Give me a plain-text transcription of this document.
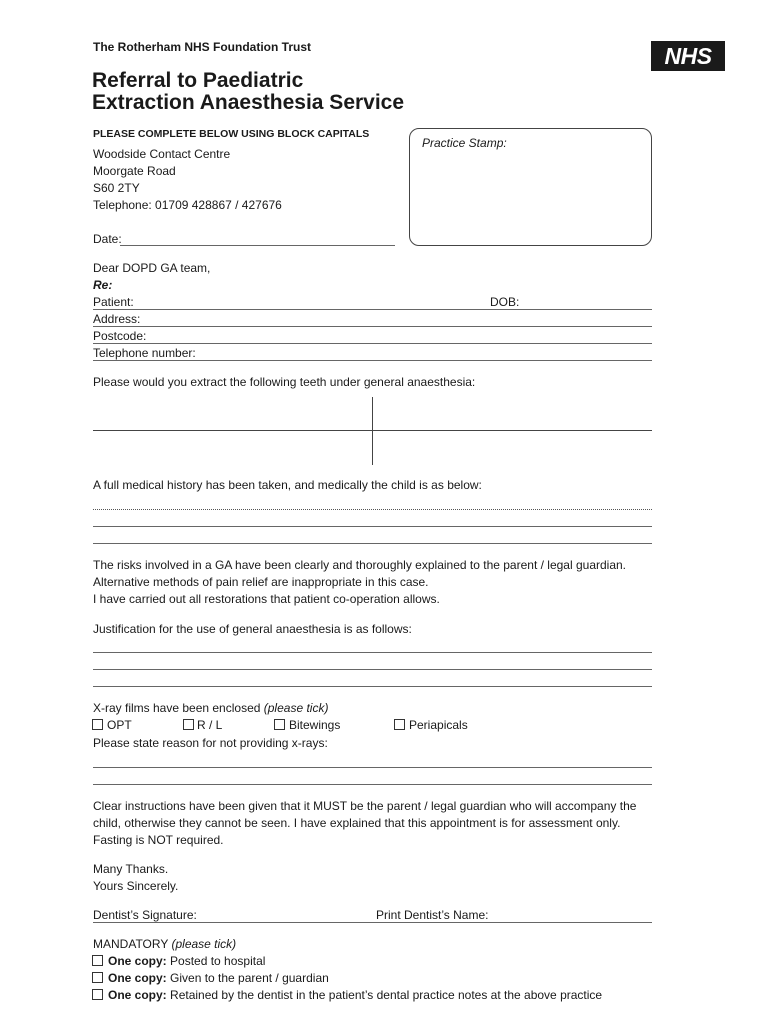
The Rotherham NHS Foundation Trust	NHS
Referral to Paediatric
Extraction Anaesthesia Service
PLEASE COMPLETE BELOW USING BLOCK CAPITALS
Woodside Contact Centre
Moorgate Road
S60 2TY
Telephone: 01709 428867 / 427676
Practice Stamp:
Date:
Dear DOPD GA team,
Re:
Patient:	DOB:
Address:
Postcode:
Telephone number:
Please would you extract the following teeth under general anaesthesia:
A full medical history has been taken, and medically the child is as below:
The risks involved in a GA have been clearly and thoroughly explained to the parent / legal guardian.
Alternative methods of pain relief are inappropriate in this case.
I have carried out all restorations that patient co-operation allows.
Justification for the use of general anaesthesia is as follows:
X-ray films have been enclosed (please tick)
OPT	R / L	Bitewings	Periapicals
Please state reason for not providing x-rays:
Clear instructions have been given that it MUST be the parent / legal guardian who will accompany the
child, otherwise they cannot be seen. I have explained that this appointment is for assessment only.
Fasting is NOT required.
Many Thanks.
Yours Sincerely.
Dentist’s Signature:	Print Dentist’s Name:
MANDATORY (please tick)
One copy: Posted to hospital
One copy: Given to the parent / guardian
One copy: Retained by the dentist in the patient’s dental practice notes at the above practice
